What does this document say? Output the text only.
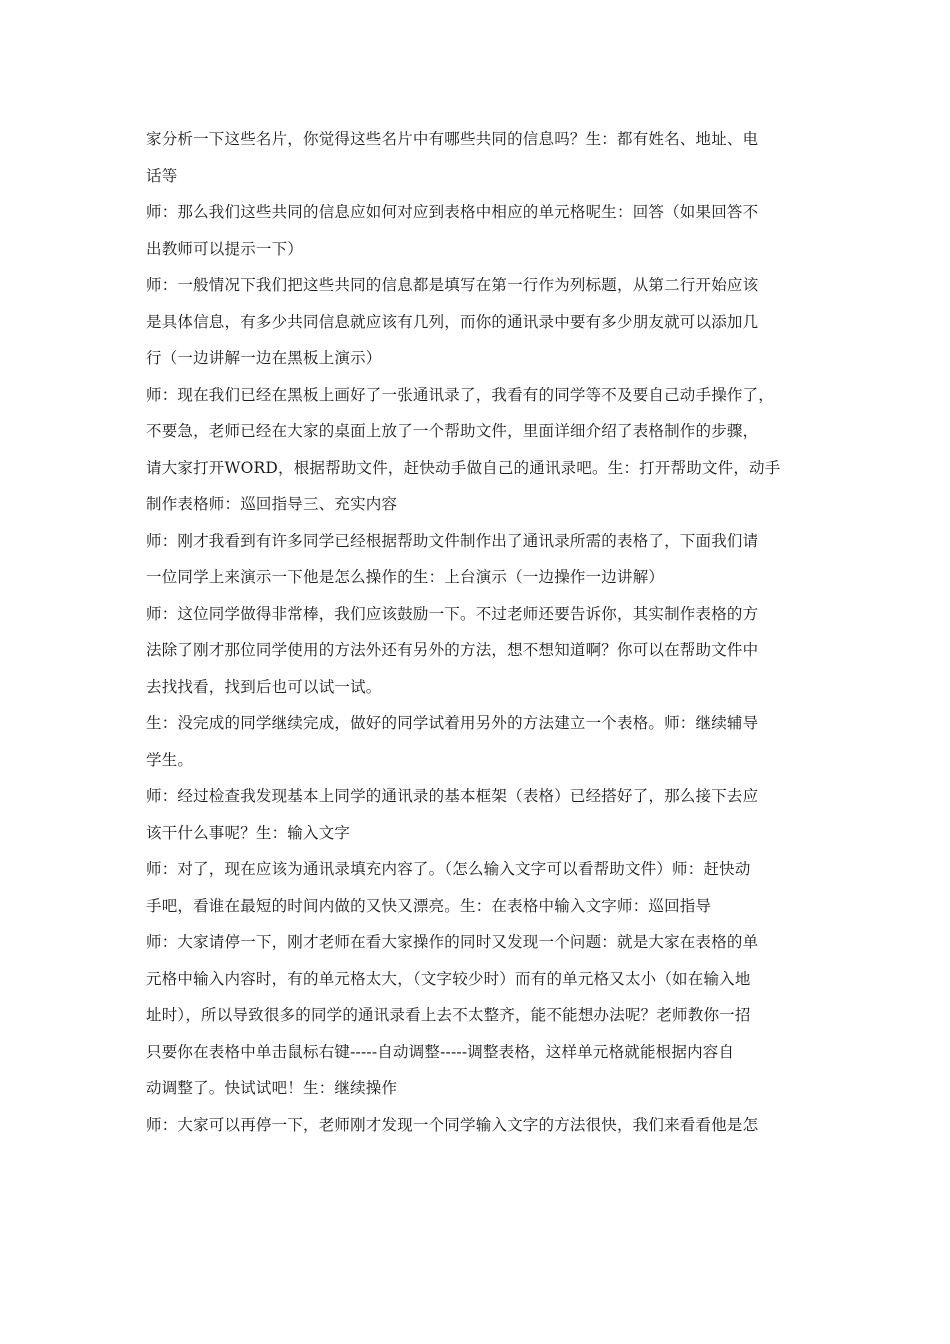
家分析一下这些名片，你觉得这些名片中有哪些共同的信息吗？生：都有姓名、地址、电
话等

师：那么我们这些共同的信息应如何对应到表格中相应的单元格呢生：回答（如果回答不
出教师可以提示一下）

师：一般情况下我们把这些共同的信息都是填写在第一行作为列标题，从第二行开始应该
是具体信息，有多少共同信息就应该有几列，而你的通讯录中要有多少朋友就可以添加几
行（一边讲解一边在黑板上演示）

师：现在我们已经在黑板上画好了一张通讯录了，我看有的同学等不及要自己动手操作了，
不要急，老师已经在大家的桌面上放了一个帮助文件，里面详细介绍了表格制作的步骤，
请大家打开WORD，根据帮助文件，赶快动手做自己的通讯录吧。生：打开帮助文件，动手
制作表格师：巡回指导三、充实内容

师：刚才我看到有许多同学已经根据帮助文件制作出了通讯录所需的表格了，下面我们请
一位同学上来演示一下他是怎么操作的生：上台演示（一边操作一边讲解）

师：这位同学做得非常棒，我们应该鼓励一下。不过老师还要告诉你，其实制作表格的方
法除了刚才那位同学使用的方法外还有另外的方法，想不想知道啊？你可以在帮助文件中
去找找看，找到后也可以试一试。

生：没完成的同学继续完成，做好的同学试着用另外的方法建立一个表格。师：继续辅导
学生。

师：经过检查我发现基本上同学的通讯录的基本框架（表格）已经搭好了，那么接下去应
该干什么事呢？生：输入文字

师：对了，现在应该为通讯录填充内容了。（怎么输入文字可以看帮助文件）师：赶快动
手吧，看谁在最短的时间内做的又快又漂亮。生：在表格中输入文字师：巡回指导

师：大家请停一下，刚才老师在看大家操作的同时又发现一个问题：就是大家在表格的单
元格中输入内容时，有的单元格太大，（文字较少时）而有的单元格又太小（如在输入地
址时），所以导致很多的同学的通讯录看上去不太整齐，能不能想办法呢？老师教你一招
只要你在表格中单击鼠标右键-----自动调整-----调整表格，这样单元格就能根据内容自
动调整了。快试试吧！生：继续操作

师：大家可以再停一下，老师刚才发现一个同学输入文字的方法很快，我们来看看他是怎
